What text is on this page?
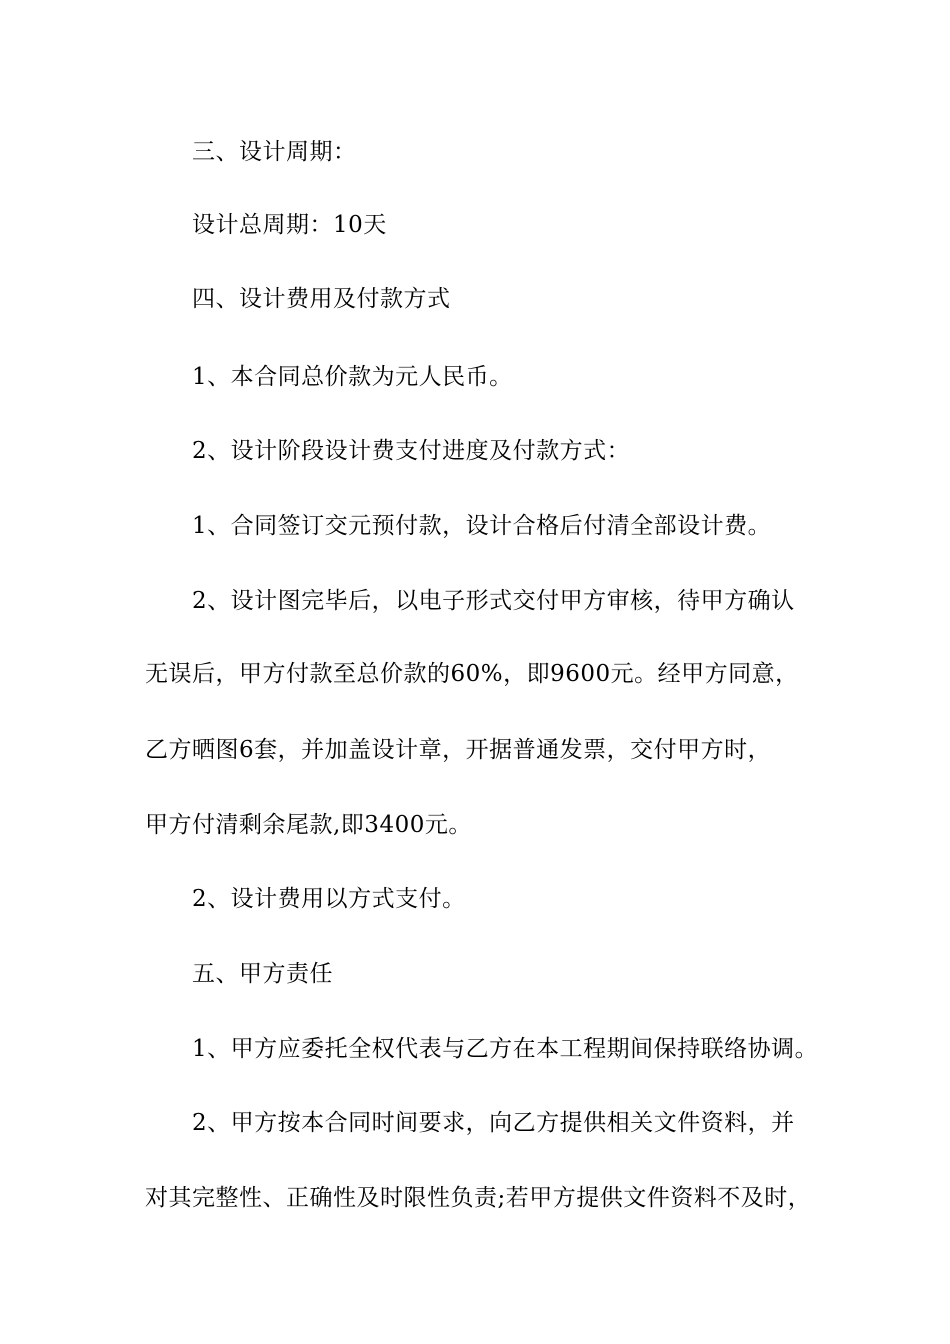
三、设计周期：

设计总周期：10天

四、设计费用及付款方式

1、本合同总价款为元人民币。

2、设计阶段设计费支付进度及付款方式：

1、合同签订交元预付款，设计合格后付清全部设计费。

2、设计图完毕后，以电子形式交付甲方审核，待甲方确认

无误后，甲方付款至总价款的60%，即9600元。经甲方同意，

乙方晒图6套，并加盖设计章，开据普通发票，交付甲方时，

甲方付清剩余尾款,即3400元。

2、设计费用以方式支付。

五、甲方责任

1、甲方应委托全权代表与乙方在本工程期间保持联络协调。

2、甲方按本合同时间要求，向乙方提供相关文件资料，并

对其完整性、正确性及时限性负责;若甲方提供文件资料不及时，
